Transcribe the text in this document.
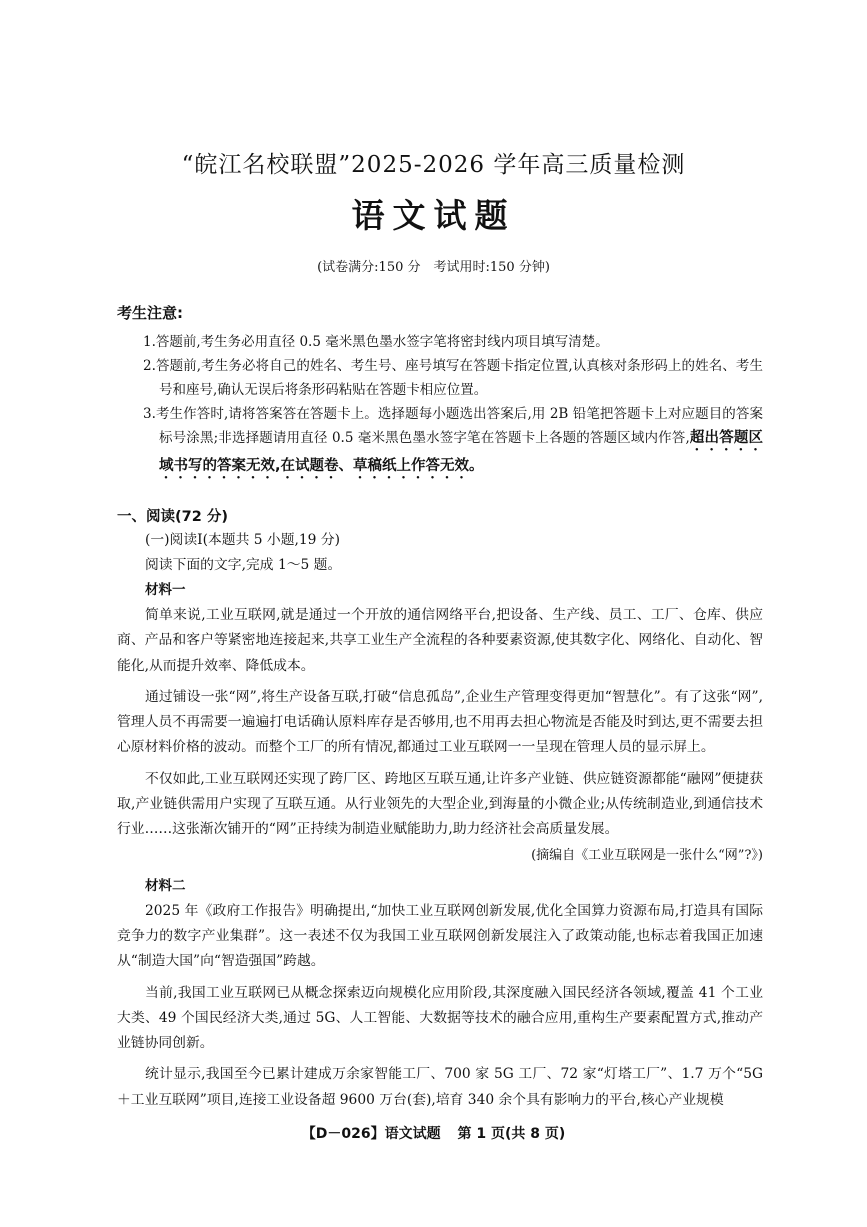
“皖江名校联盟”2025-2026 学年高三质量检测
语文试题
(试卷满分:150 分　考试用时:150 分钟)
考生注意:

1.答题前,考生务必用直径 0.5 毫米黑色墨水签字笔将密封线内项目填写清楚。

2.答题前,考生务必将自己的姓名、考生号、座号填写在答题卡指定位置,认真核对条形码上的姓名、考生号和座号,确认无误后将条形码粘贴在答题卡相应位置。

3.考生作答时,请将答案答在答题卡上。选择题每小题选出答案后,用 2B 铅笔把答题卡上对应题目的答案标号涂黑;非选择题请用直径 0.5 毫米黑色墨水签字笔在答题卡上各题的答题区域内作答,超出答题区域书写的答案无效,在试题卷、草稿纸上作答无效。

一、阅读(72 分)

(一)阅读Ⅰ(本题共 5 小题,19 分)

阅读下面的文字,完成 1～5 题。

材料一

简单来说,工业互联网,就是通过一个开放的通信网络平台,把设备、生产线、员工、工厂、仓库、供应商、产品和客户等紧密地连接起来,共享工业生产全流程的各种要素资源,使其数字化、网络化、自动化、智能化,从而提升效率、降低成本。

通过铺设一张“网”,将生产设备互联,打破“信息孤岛”,企业生产管理变得更加“智慧化”。有了这张“网”,管理人员不再需要一遍遍打电话确认原料库存是否够用,也不用再去担心物流是否能及时到达,更不需要去担心原材料价格的波动。而整个工厂的所有情况,都通过工业互联网一一呈现在管理人员的显示屏上。

不仅如此,工业互联网还实现了跨厂区、跨地区互联互通,让许多产业链、供应链资源都能“融网”便捷获取,产业链供需用户实现了互联互通。从行业领先的大型企业,到海量的小微企业;从传统制造业,到通信技术行业……这张渐次铺开的“网”正持续为制造业赋能助力,助力经济社会高质量发展。

(摘编自《工业互联网是一张什么“网”?》)

材料二

2025 年《政府工作报告》明确提出,“加快工业互联网创新发展,优化全国算力资源布局,打造具有国际竞争力的数字产业集群”。这一表述不仅为我国工业互联网创新发展注入了政策动能,也标志着我国正加速从“制造大国”向“智造强国”跨越。

当前,我国工业互联网已从概念探索迈向规模化应用阶段,其深度融入国民经济各领域,覆盖 41 个工业大类、49 个国民经济大类,通过 5G、人工智能、大数据等技术的融合应用,重构生产要素配置方式,推动产业链协同创新。

统计显示,我国至今已累计建成万余家智能工厂、700 家 5G 工厂、72 家“灯塔工厂”、1.7 万个“5G＋工业互联网”项目,连接工业设备超 9600 万台(套),培育 340 余个具有影响力的平台,核心产业规模

【D－026】语文试题 第 1 页(共 8 页)
